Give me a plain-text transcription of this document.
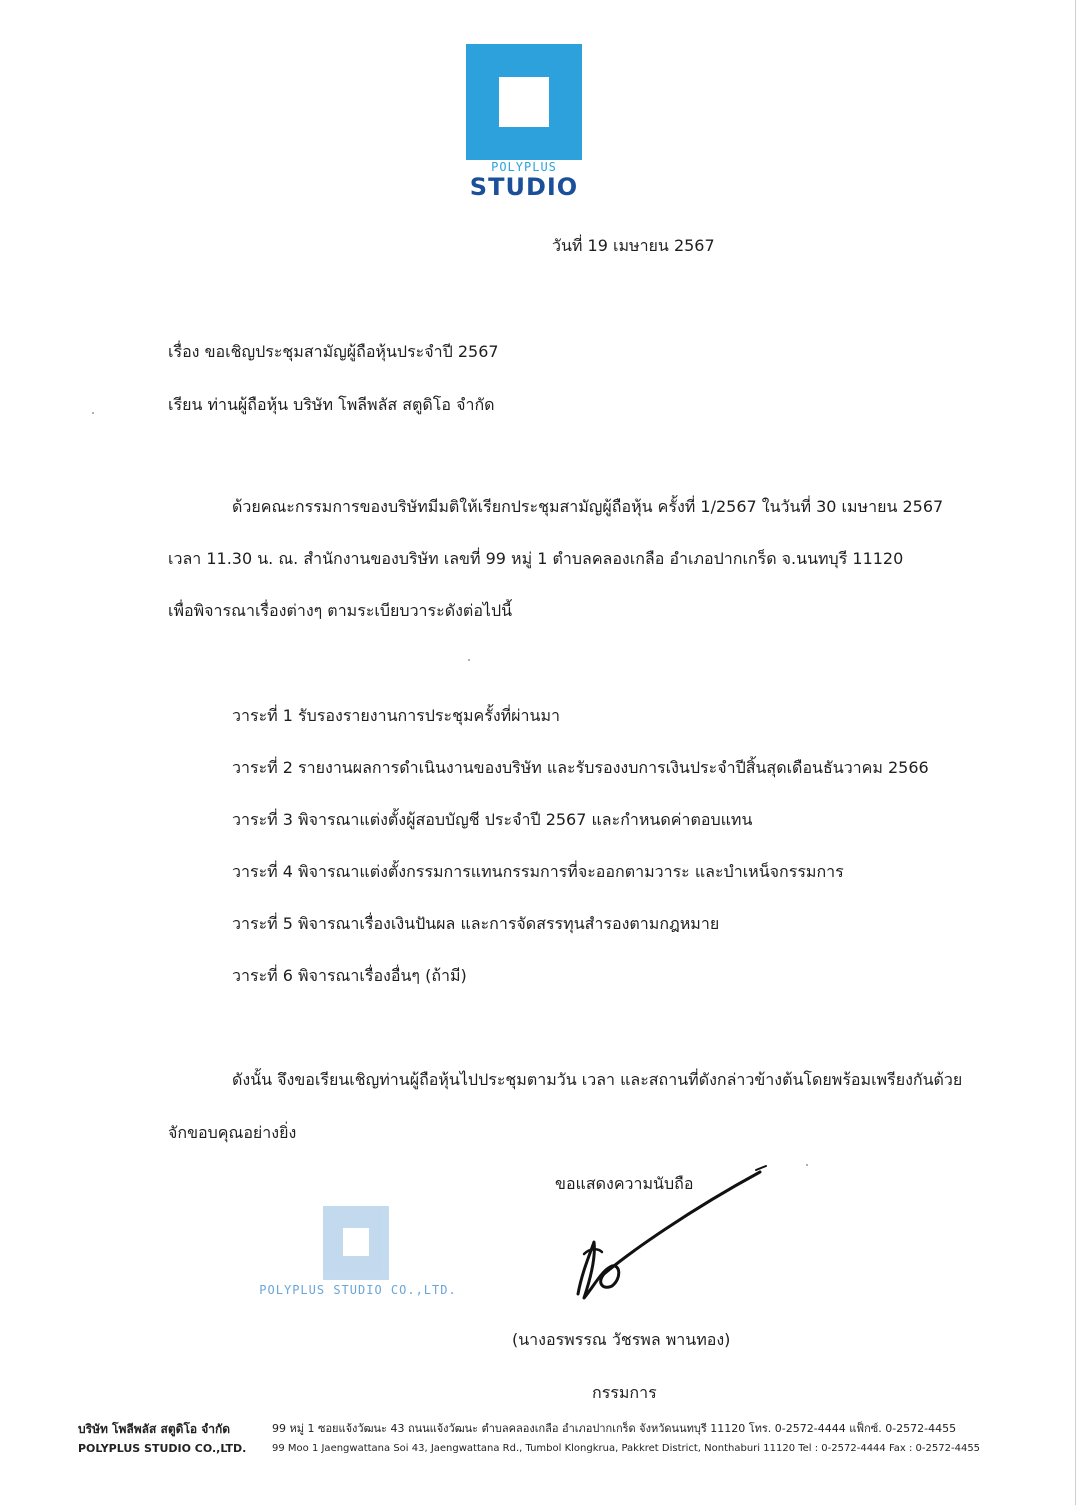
POLYPLUS
STUDIO
วันที่ 19 เมษายน 2567
เรื่อง ขอเชิญประชุมสามัญผู้ถือหุ้นประจำปี 2567
เรียน ท่านผู้ถือหุ้น บริษัท โพลีพลัส สตูดิโอ จำกัด
ด้วยคณะกรรมการของบริษัทมีมติให้เรียกประชุมสามัญผู้ถือหุ้น ครั้งที่ 1/2567 ในวันที่ 30 เมษายน 2567
เวลา 11.30 น. ณ. สำนักงานของบริษัท เลขที่ 99 หมู่ 1 ตำบลคลองเกลือ อำเภอปากเกร็ด จ.นนทบุรี 11120
เพื่อพิจารณาเรื่องต่างๆ ตามระเบียบวาระดังต่อไปนี้
วาระที่ 1 รับรองรายงานการประชุมครั้งที่ผ่านมา
วาระที่ 2 รายงานผลการดำเนินงานของบริษัท และรับรองงบการเงินประจำปีสิ้นสุดเดือนธันวาคม 2566
วาระที่ 3 พิจารณาแต่งตั้งผู้สอบบัญชี ประจำปี 2567 และกำหนดค่าตอบแทน
วาระที่ 4 พิจารณาแต่งตั้งกรรมการแทนกรรมการที่จะออกตามวาระ และบำเหน็จกรรมการ
วาระที่ 5 พิจารณาเรื่องเงินปันผล และการจัดสรรทุนสำรองตามกฎหมาย
วาระที่ 6 พิจารณาเรื่องอื่นๆ (ถ้ามี)
ดังนั้น จึงขอเรียนเชิญท่านผู้ถือหุ้นไปประชุมตามวัน เวลา และสถานที่ดังกล่าวข้างต้นโดยพร้อมเพรียงกันด้วย
จักขอบคุณอย่างยิ่ง
ขอแสดงความนับถือ
POLYPLUS STUDIO CO.,LTD.
(นางอรพรรณ วัชรพล พานทอง)
กรรมการ
บริษัท โพลีพลัส สตูดิโอ จำกัด	99 หมู่ 1 ซอยแจ้งวัฒนะ 43 ถนนแจ้งวัฒนะ ตำบลคลองเกลือ อำเภอปากเกร็ด จังหวัดนนทบุรี 11120 โทร. 0-2572-4444 แฟ็กซ์. 0-2572-4455
POLYPLUS STUDIO CO.,LTD.	99 Moo 1 Jaengwattana Soi 43, Jaengwattana Rd., Tumbol Klongkrua, Pakkret District, Nonthaburi 11120 Tel : 0-2572-4444 Fax : 0-2572-4455
